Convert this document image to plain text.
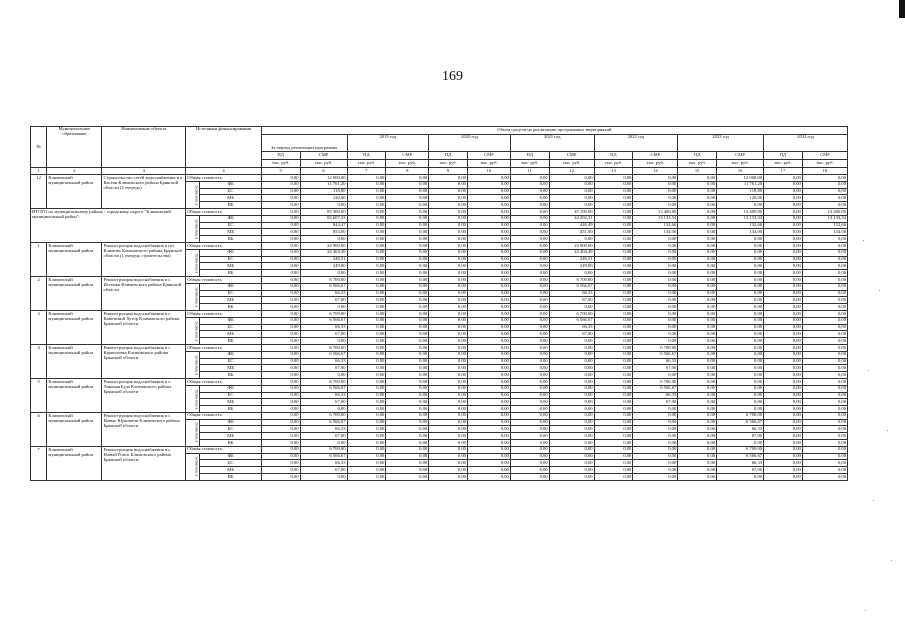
169
№	Муниципальное образование	Наименование объекта	Источники финансирования		Объем средств на реализацию программных мероприятий													
					За период реализации программы		2019 год		2020 год		2021 год		2022 год		2023 год		2024 год	
					ПД	СМР	ПД	СМР	ПД	СМР	ПД	СМР	ПД	СМР	ПД	СМР	ПД	СМР
					тыс. руб.	тыс. руб.	тыс. руб.	тыс. руб.	тыс. руб.	тыс. руб.	тыс. руб.	тыс. руб.	тыс. руб.	тыс. руб.	тыс. руб.	тыс. руб.	тыс. руб.	тыс. руб.
1	2	3	4		5	6	7	8	9	10	11	12	13	14	15	16	17	18
12	Климовский муниципальный район	Строительство сетей водоснабжения в п. Кастик Климовского района Брянской области (2 очередь)	Общая стоимость		0,00	12 000,00	0,00	0,00	0,00	0,00	0,00	0,00	0,00	0,00	0,00	12 000,00	0,00	0,00
			в том числе:	ФБ	0,00	11 761,20	0,00	0,00	0,00	0,00	0,00	0,00	0,00	0,00	0,00	11 761,20	0,00	0,00
				БС	0,00	118,80	0,00	0,00	0,00	0,00	0,00	0,00	0,00	0,00	0,00	118,80	0,00	0,00
				МБ	0,00	120,00	0,00	0,00	0,00	0,00	0,00	0,00	0,00	0,00	0,00	120,00	0,00	0,00
				ВБ	0,00	0,00	0,00	0,00	0,00	0,00	0,00	0,00	0,00	0,00	0,00	0,00	0,00	0,00
ИТОГО по муниципальному району / городскому округу "Климовский муниципальный район":			Общая стоимость		0,00	85 300,00	0,00	0,00	0,00	0,00	0,00	45 100,00	0,00	13 400,00	0,00	13 400,00	0,00	13 400,00
			в том числе:	ФБ	0,00	83 607,33	0,00	0,00	0,00	0,00	0,00	44 202,31	0,00	13 133,34	0,00	13 133,34	0,00	13 133,34
				БС	0,00	844,47	0,00	0,00	0,00	0,00	0,00	446,49	0,00	132,66	0,00	132,66	0,00	132,66
				МБ	0,00	853,00	0,00	0,00	0,00	0,00	0,00	451,00	0,00	134,00	0,00	134,00	0,00	134,00
				ВБ	0,00	0,00	0,00	0,00	0,00	0,00	0,00	0,00	0,00	0,00	0,00	0,00	0,00	0,00
1	Климовский муниципальный район	Реконструкция водоснабжения в пгт Климово Климовского района Брянской области (1 очередь строительства)	Общая стоимость		0,00	24 900,00	0,00	0,00	0,00	0,00	0,00	24 900,00	0,00	0,00	0,00	0,00	0,00	0,00
			в том числе:	ФБ	0,00	24 404,49	0,00	0,00	0,00	0,00	0,00	24 404,49	0,00	0,00	0,00	0,00	0,00	0,00
				БС	0,00	246,51	0,00	0,00	0,00	0,00	0,00	246,51	0,00	0,00	0,00	0,00	0,00	0,00
				МБ	0,00	249,00	0,00	0,00	0,00	0,00	0,00	249,00	0,00	0,00	0,00	0,00	0,00	0,00
				ВБ	0,00	0,00	0,00	0,00	0,00	0,00	0,00	0,00	0,00	0,00	0,00	0,00	0,00	0,00
2	Климовский муниципальный район	Реконструкция водоснабжения в с. Истопки Климовского района Брянской области	Общая стоимость		0,00	6 700,00	0,00	0,00	0,00	0,00	0,00	6 700,00	0,00	0,00	0,00	0,00	0,00	0,00
			в том числе:	ФБ	0,00	6 566,67	0,00	0,00	0,00	0,00	0,00	6 566,67	0,00	0,00	0,00	0,00	0,00	0,00
				БС	0,00	66,33	0,00	0,00	0,00	0,00	0,00	66,33	0,00	0,00	0,00	0,00	0,00	0,00
				МБ	0,00	67,00	0,00	0,00	0,00	0,00	0,00	67,00	0,00	0,00	0,00	0,00	0,00	0,00
				ВБ	0,00	0,00	0,00	0,00	0,00	0,00	0,00	0,00	0,00	0,00	0,00	0,00	0,00	0,00
3	Климовский муниципальный район	Реконструкция водоснабжения в с. Каменский Хутор Климовского района Брянской области	Общая стоимость		0,00	6 700,00	0,00	0,00	0,00	0,00	0,00	6 700,00	0,00	0,00	0,00	0,00	0,00	0,00
			в том числе:	ФБ	0,00	6 566,67	0,00	0,00	0,00	0,00	0,00	6 566,67	0,00	0,00	0,00	0,00	0,00	0,00
				БС	0,00	66,33	0,00	0,00	0,00	0,00	0,00	66,33	0,00	0,00	0,00	0,00	0,00	0,00
				МБ	0,00	67,00	0,00	0,00	0,00	0,00	0,00	67,00	0,00	0,00	0,00	0,00	0,00	0,00
				ВБ	0,00	0,00	0,00	0,00	0,00	0,00	0,00	0,00	0,00	0,00	0,00	0,00	0,00	0,00
4	Климовский муниципальный район	Реконструкция водоснабжения в с. Карпиловка Климовского района Брянской области	Общая стоимость		0,00	6 700,00	0,00	0,00	0,00	0,00	0,00	0,00	0,00	6 700,00	0,00	0,00	0,00	0,00
			в том числе:	ФБ	0,00	6 566,67	0,00	0,00	0,00	0,00	0,00	0,00	0,00	6 566,67	0,00	0,00	0,00	0,00
				БС	0,00	66,33	0,00	0,00	0,00	0,00	0,00	0,00	0,00	66,33	0,00	0,00	0,00	0,00
				МБ	0,00	67,00	0,00	0,00	0,00	0,00	0,00	0,00	0,00	67,00	0,00	0,00	0,00	0,00
				ВБ	0,00	0,00	0,00	0,00	0,00	0,00	0,00	0,00	0,00	0,00	0,00	0,00	0,00	0,00
5	Климовский муниципальный район	Реконструкция водоснабжения в с. Лакомая Буда Климовского района Брянской области	Общая стоимость		0,00	6 700,00	0,00	0,00	0,00	0,00	0,00	0,00	0,00	6 700,00	0,00	0,00	0,00	0,00
			в том числе:	ФБ	0,00	6 566,67	0,00	0,00	0,00	0,00	0,00	0,00	0,00	6 566,67	0,00	0,00	0,00	0,00
				БС	0,00	66,33	0,00	0,00	0,00	0,00	0,00	0,00	0,00	66,33	0,00	0,00	0,00	0,00
				МБ	0,00	67,00	0,00	0,00	0,00	0,00	0,00	0,00	0,00	67,00	0,00	0,00	0,00	0,00
				ВБ	0,00	0,00	0,00	0,00	0,00	0,00	0,00	0,00	0,00	0,00	0,00	0,00	0,00	0,00
6	Климовский муниципальный район	Реконструкция водоснабжения в с. Новые Юрковичи Климовского района Брянской области	Общая стоимость		0,00	6 700,00	0,00	0,00	0,00	0,00	0,00	0,00	0,00	0,00	0,00	6 700,00	0,00	0,00
			в том числе:	ФБ	0,00	6 566,67	0,00	0,00	0,00	0,00	0,00	0,00	0,00	0,00	0,00	6 566,67	0,00	0,00
				БС	0,00	66,33	0,00	0,00	0,00	0,00	0,00	0,00	0,00	0,00	0,00	66,33	0,00	0,00
				МБ	0,00	67,00	0,00	0,00	0,00	0,00	0,00	0,00	0,00	0,00	0,00	67,00	0,00	0,00
				ВБ	0,00	0,00	0,00	0,00	0,00	0,00	0,00	0,00	0,00	0,00	0,00	0,00	0,00	0,00
7	Климовский муниципальный район	Реконструкция водоснабжения в с. Новый Ропск Климовского района Брянской области	Общая стоимость		0,00	6 700,00	0,00	0,00	0,00	0,00	0,00	0,00	0,00	0,00	0,00	6 700,00	0,00	0,00
			в том числе:	ФБ	0,00	6 566,67	0,00	0,00	0,00	0,00	0,00	0,00	0,00	0,00	0,00	6 566,67	0,00	0,00
				БС	0,00	66,33	0,00	0,00	0,00	0,00	0,00	0,00	0,00	0,00	0,00	66,33	0,00	0,00
				МБ	0,00	67,00	0,00	0,00	0,00	0,00	0,00	0,00	0,00	0,00	0,00	67,00	0,00	0,00
				ВБ	0,00	0,00	0,00	0,00	0,00	0,00	0,00	0,00	0,00	0,00	0,00	0,00	0,00	0,00
